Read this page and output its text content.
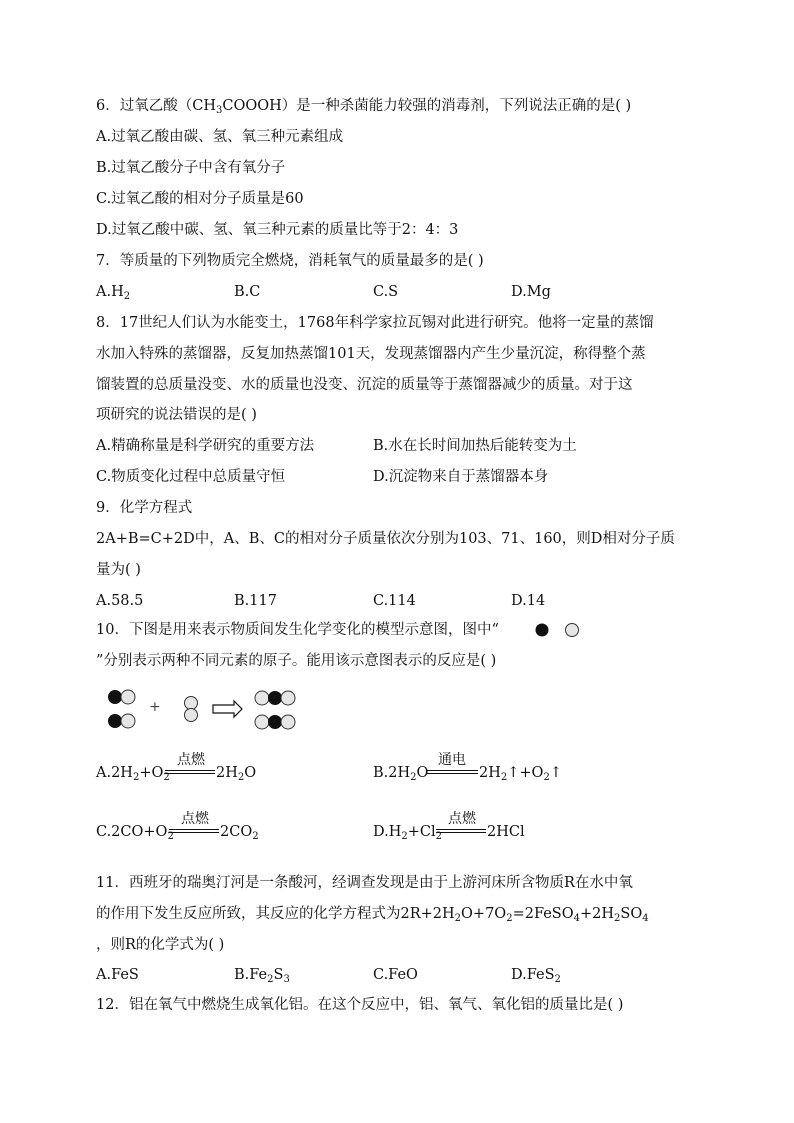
6．过氧乙酸$(CH_3COOOH)$是一种杀菌能力较强的消毒剂，下列说法正确的是( )
A.过氧乙酸由碳、氢、氧三种元素组成
B.过氧乙酸分子中含有氧分子
C.过氧乙酸的相对分子质量是60
D.过氧乙酸中碳、氢、氧三种元素的质量比等于2：4：3
7．等质量的下列物质完全燃烧，消耗氧气的质量最多的是( )
$A.H_2$	B.C	C.S	D.Mg
8．17世纪人们认为水能变土，1768年科学家拉瓦锡对此进行研究。他将一定量的蒸馏
水加入特殊的蒸馏器，反复加热蒸馏101天，发现蒸馏器内产生少量沉淀，称得整个蒸
馏装置的总质量没变、水的质量也没变、沉淀的质量等于蒸馏器减少的质量。对于这
项研究的说法错误的是( )
A.精确称量是科学研究的重要方法	B.水在长时间加热后能转变为土
C.物质变化过程中总质量守恒	D.沉淀物来自于蒸馏器本身
9．化学方程式
2A+B=C+2D中，A、B、C的相对分子质量依次分别为103、71、160，则D相对分子质
量为( )
A.58.5	B.117	C.114	D.14
10．下图是用来表示物质间发生化学变化的模型示意图，图中“
”分别表示两种不同元素的原子。能用该示意图表示的反应是( )
+
$A.2H_2+O_2$
点燃
$2H_2O$	$B.2H_2O$
通电
$2H_2↑+O_2↑$
$C.2CO+O_2$
点燃
$2CO_2$	$D.H_2+Cl_2$
点燃
2HCl
11．西班牙的瑞奥汀河是一条酸河，经调查发现是由于上游河床所含物质R在水中氧
的作用下发生反应所致，其反应的化学方程式为$2R+2H_2O+7O_2=2FeSO_4+2H_2SO_4$
，则R的化学式为( )
A.FeS	$B.Fe_2S_3$	C.FeO	D.FeS$_2$
12．铝在氧气中燃烧生成氧化铝。在这个反应中，铝、氧气、氧化铝的质量比是( )
